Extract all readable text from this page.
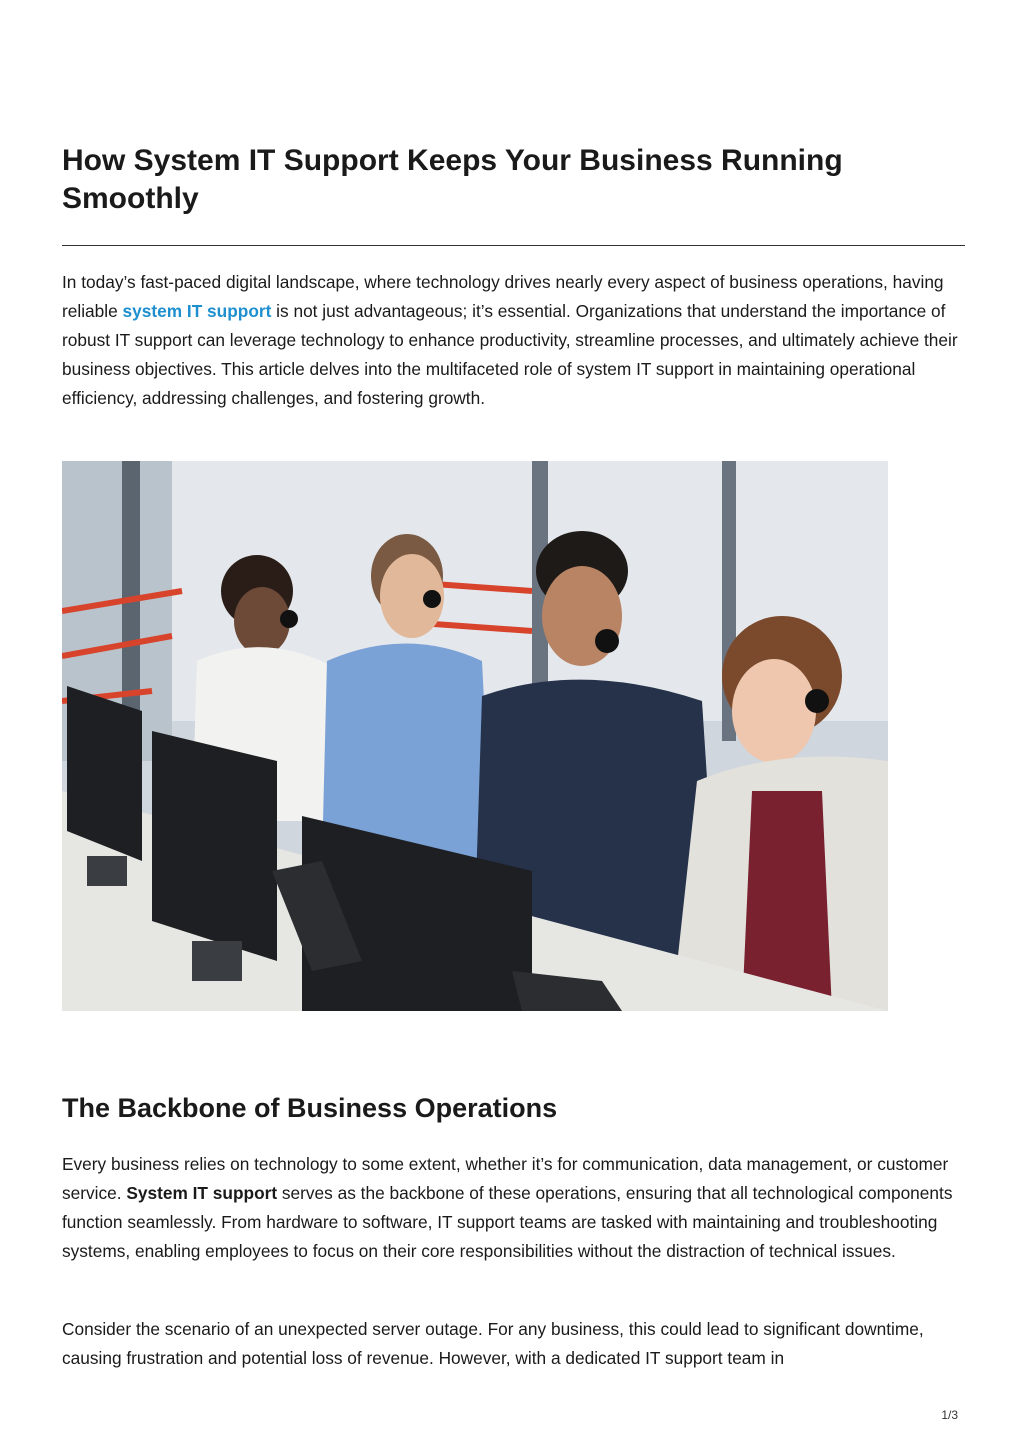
How System IT Support Keeps Your Business Running Smoothly

In today’s fast-paced digital landscape, where technology drives nearly every aspect of business operations, having reliable system IT support is not just advantageous; it’s essential. Organizations that understand the importance of robust IT support can leverage technology to enhance productivity, streamline processes, and ultimately achieve their business objectives. This article delves into the multifaceted role of system IT support in maintaining operational efficiency, addressing challenges, and fostering growth.

The Backbone of Business Operations

Every business relies on technology to some extent, whether it’s for communication, data management, or customer service. System IT support serves as the backbone of these operations, ensuring that all technological components function seamlessly. From hardware to software, IT support teams are tasked with maintaining and troubleshooting systems, enabling employees to focus on their core responsibilities without the distraction of technical issues.

Consider the scenario of an unexpected server outage. For any business, this could lead to significant downtime, causing frustration and potential loss of revenue. However, with a dedicated IT support team in

1/3
